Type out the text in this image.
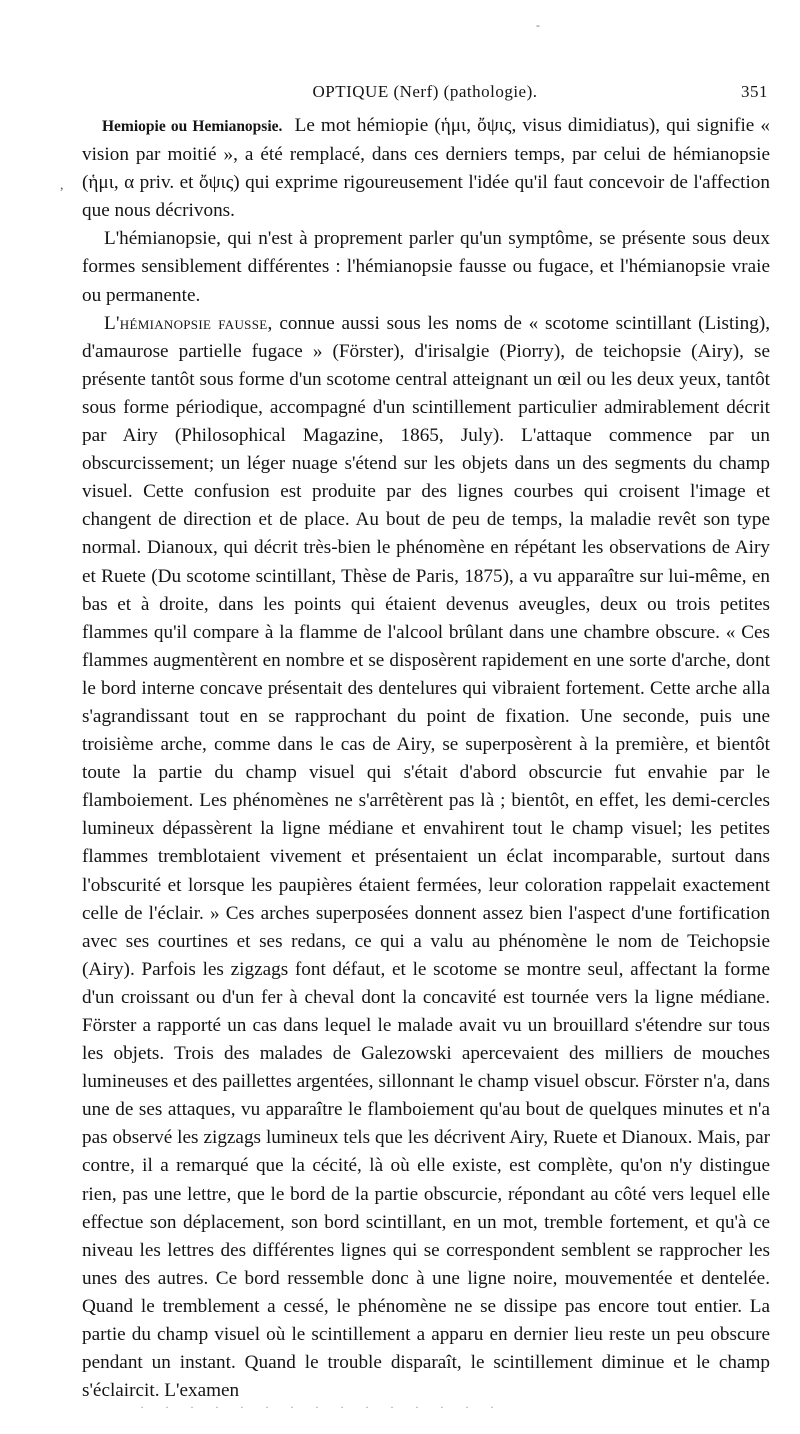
-
OPTIQUE (Nerf) (pathologie).	351
,

Hemiopie ou Hemianopsie. Le mot hémiopie (ἡμι, ὄψις, visus dimidiatus), qui signifie « vision par moitié », a été remplacé, dans ces derniers temps, par celui de hémianopsie (ἡμι, α priv. et ὄψις) qui exprime rigoureusement l'idée qu'il faut concevoir de l'affection que nous décrivons.

L'hémianopsie, qui n'est à proprement parler qu'un symptôme, se présente sous deux formes sensiblement différentes : l'hémianopsie fausse ou fugace, et l'hémianopsie vraie ou permanente.

L'hémianopsie fausse, connue aussi sous les noms de « scotome scintillant (Listing), d'amaurose partielle fugace » (Förster), d'irisalgie (Piorry), de teichopsie (Airy), se présente tantôt sous forme d'un scotome central atteignant un œil ou les deux yeux, tantôt sous forme périodique, accompagné d'un scintillement particulier admirablement décrit par Airy (Philosophical Magazine, 1865, July). L'attaque commence par un obscurcissement; un léger nuage s'étend sur les objets dans un des segments du champ visuel. Cette confusion est produite par des lignes courbes qui croisent l'image et changent de direction et de place. Au bout de peu de temps, la maladie revêt son type normal. Dianoux, qui décrit très-bien le phénomène en répétant les observations de Airy et Ruete (Du scotome scintillant, Thèse de Paris, 1875), a vu apparaître sur lui-même, en bas et à droite, dans les points qui étaient devenus aveugles, deux ou trois petites flammes qu'il compare à la flamme de l'alcool brûlant dans une chambre obscure. « Ces flammes augmentèrent en nombre et se disposèrent rapidement en une sorte d'arche, dont le bord interne concave présentait des dentelures qui vibraient fortement. Cette arche alla s'agrandissant tout en se rapprochant du point de fixation. Une seconde, puis une troisième arche, comme dans le cas de Airy, se superposèrent à la première, et bientôt toute la partie du champ visuel qui s'était d'abord obscurcie fut envahie par le flamboiement. Les phénomènes ne s'arrêtèrent pas là ; bientôt, en effet, les demi-cercles lumineux dépassèrent la ligne médiane et envahirent tout le champ visuel; les petites flammes tremblotaient vivement et présentaient un éclat incomparable, surtout dans l'obscurité et lorsque les paupières étaient fermées, leur coloration rappelait exactement celle de l'éclair. » Ces arches superposées donnent assez bien l'aspect d'une fortification avec ses courtines et ses redans, ce qui a valu au phénomène le nom de Teichopsie (Airy). Parfois les zigzags font défaut, et le scotome se montre seul, affectant la forme d'un croissant ou d'un fer à cheval dont la concavité est tournée vers la ligne médiane. Förster a rapporté un cas dans lequel le malade avait vu un brouillard s'étendre sur tous les objets. Trois des malades de Galezowski apercevaient des milliers de mouches lumineuses et des paillettes argentées, sillonnant le champ visuel obscur. Förster n'a, dans une de ses attaques, vu apparaître le flamboiement qu'au bout de quelques minutes et n'a pas observé les zigzags lumineux tels que les décrivent Airy, Ruete et Dianoux. Mais, par contre, il a remarqué que la cécité, là où elle existe, est complète, qu'on n'y distingue rien, pas une lettre, que le bord de la partie obscurcie, répondant au côté vers lequel elle effectue son déplacement, son bord scintillant, en un mot, tremble fortement, et qu'à ce niveau les lettres des différentes lignes qui se correspondent semblent se rapprocher les unes des autres. Ce bord ressemble donc à une ligne noire, mouvementée et dentelée. Quand le tremblement a cessé, le phénomène ne se dissipe pas encore tout entier. La partie du champ visuel où le scintillement a apparu en dernier lieu reste un peu obscure pendant un instant. Quand le trouble disparaît, le scintillement diminue et le champ s'éclaircit. L'examen

· · · · · · · · · · · · · · ·
